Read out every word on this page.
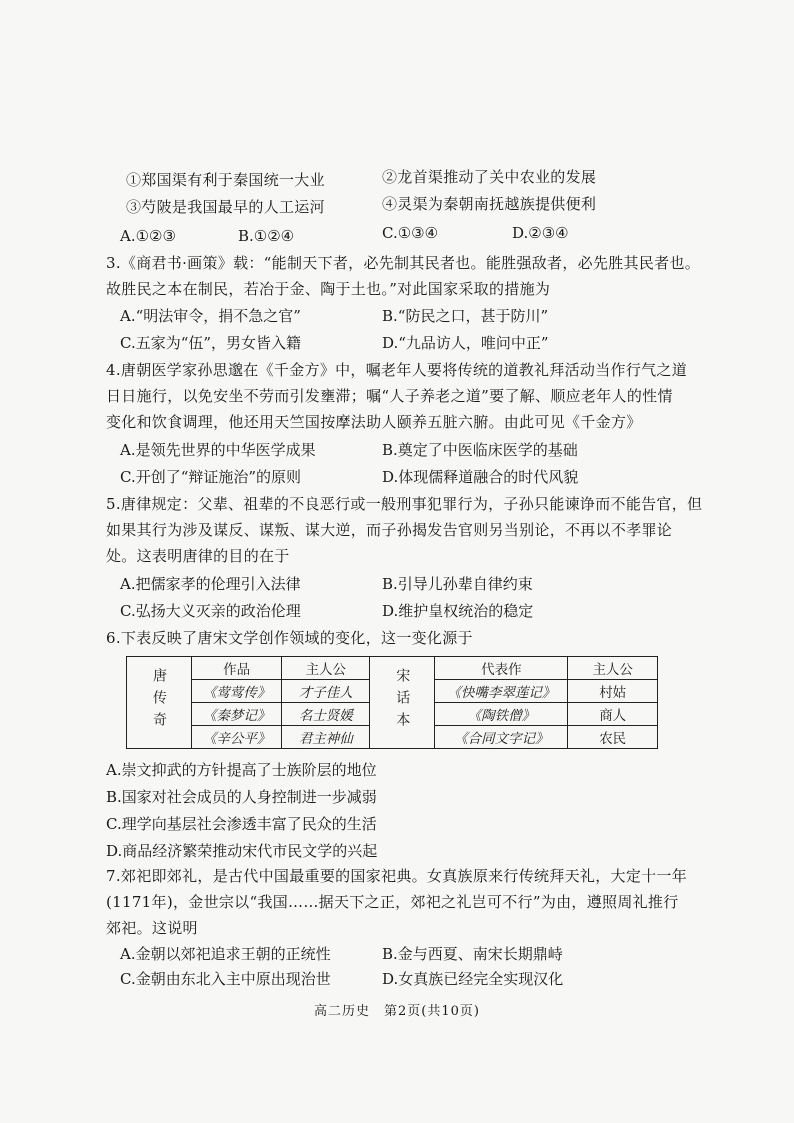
①郑国渠有利于秦国统一大业	②龙首渠推动了关中农业的发展
③芍陂是我国最早的人工运河	④灵渠为秦朝南抚越族提供便利
A.①②③	B.①②④	C.①③④	D.②③④
3.《商君书·画策》载：“能制天下者，必先制其民者也。能胜强敌者，必先胜其民者也。
故胜民之本在制民，若冶于金、陶于土也。”对此国家采取的措施为
A.“明法审令，捐不急之官”	B.“防民之口，甚于防川”
C.五家为“伍”，男女皆入籍	D.“九品访人，唯问中正”
4.唐朝医学家孙思邈在《千金方》中，嘱老年人要将传统的道教礼拜活动当作行气之道
日日施行，以免安坐不劳而引发壅滞；嘱“人子养老之道”要了解、顺应老年人的性情
变化和饮食调理，他还用天竺国按摩法助人颐养五脏六腑。由此可见《千金方》
A.是领先世界的中华医学成果	B.奠定了中医临床医学的基础
C.开创了“辩证施治”的原则	D.体现儒释道融合的时代风貌
5.唐律规定：父辈、祖辈的不良恶行或一般刑事犯罪行为，子孙只能谏诤而不能告官，但
如果其行为涉及谋反、谋叛、谋大逆，而子孙揭发告官则另当别论，不再以不孝罪论
处。这表明唐律的目的在于
A.把儒家孝的伦理引入法律	B.引导儿孙辈自律约束
C.弘扬大义灭亲的政治伦理	D.维护皇权统治的稳定
6.下表反映了唐宋文学创作领域的变化，这一变化源于
唐传奇	作品	主人公	宋话本	代表作	主人公
	《莺莺传》	才子佳人		《快嘴李翠莲记》	村姑
	《秦梦记》	名士贤媛		《陶铁僧》	商人
	《辛公平》	君主神仙		《合同文字记》	农民
A.崇文抑武的方针提高了士族阶层的地位
B.国家对社会成员的人身控制进一步减弱
C.理学向基层社会渗透丰富了民众的生活
D.商品经济繁荣推动宋代市民文学的兴起
7.郊祀即郊礼，是古代中国最重要的国家祀典。女真族原来行传统拜天礼，大定十一年
(1171年)，金世宗以“我国……据天下之正，郊祀之礼岂可不行”为由，遵照周礼推行
郊祀。这说明
A.金朝以郊祀追求王朝的正统性	B.金与西夏、南宋长期鼎峙
C.金朝由东北入主中原出现治世	D.女真族已经完全实现汉化
高二历史　第2页(共10页)
